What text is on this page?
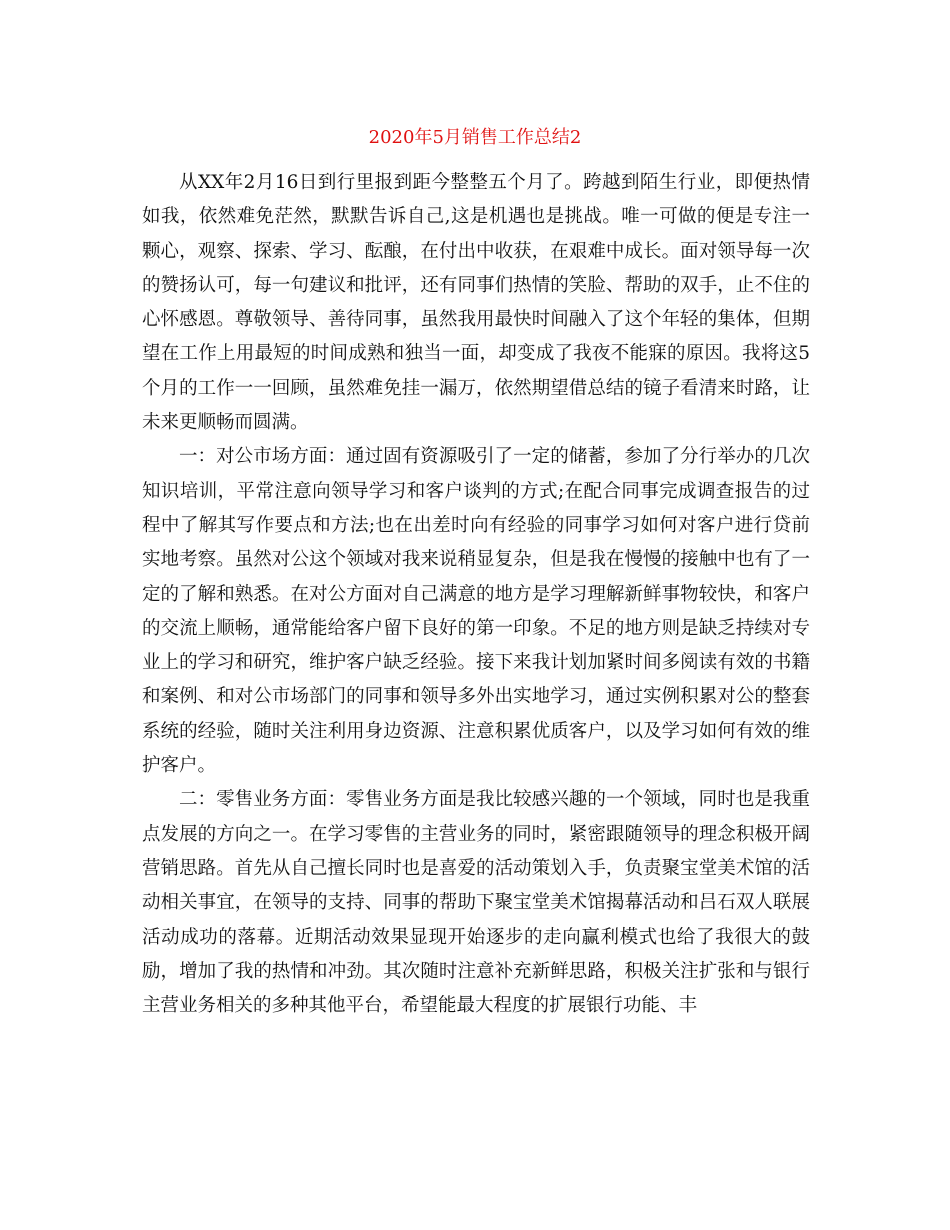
2020年5月销售工作总结2

从XX年2月16日到行里报到距今整整五个月了。跨越到陌生行业，即便热情如我，依然难免茫然，默默告诉自己,这是机遇也是挑战。唯一可做的便是专注一颗心，观察、探索、学习、酝酿，在付出中收获，在艰难中成长。面对领导每一次的赞扬认可，每一句建议和批评，还有同事们热情的笑脸、帮助的双手，止不住的心怀感恩。尊敬领导、善待同事，虽然我用最快时间融入了这个年轻的集体，但期望在工作上用最短的时间成熟和独当一面，却变成了我夜不能寐的原因。我将这5个月的工作一一回顾，虽然难免挂一漏万，依然期望借总结的镜子看清来时路，让未来更顺畅而圆满。

一：对公市场方面：通过固有资源吸引了一定的储蓄，参加了分行举办的几次知识培训，平常注意向领导学习和客户谈判的方式;在配合同事完成调查报告的过程中了解其写作要点和方法;也在出差时向有经验的同事学习如何对客户进行贷前实地考察。虽然对公这个领域对我来说稍显复杂，但是我在慢慢的接触中也有了一定的了解和熟悉。在对公方面对自己满意的地方是学习理解新鲜事物较快，和客户的交流上顺畅，通常能给客户留下良好的第一印象。不足的地方则是缺乏持续对专业上的学习和研究，维护客户缺乏经验。接下来我计划加紧时间多阅读有效的书籍和案例、和对公市场部门的同事和领导多外出实地学习，通过实例积累对公的整套系统的经验，随时关注利用身边资源、注意积累优质客户，以及学习如何有效的维护客户。

二：零售业务方面：零售业务方面是我比较感兴趣的一个领域，同时也是我重点发展的方向之一。在学习零售的主营业务的同时，紧密跟随领导的理念积极开阔营销思路。首先从自己擅长同时也是喜爱的活动策划入手，负责聚宝堂美术馆的活动相关事宜，在领导的支持、同事的帮助下聚宝堂美术馆揭幕活动和吕石双人联展活动成功的落幕。近期活动效果显现开始逐步的走向赢利模式也给了我很大的鼓励，增加了我的热情和冲劲。其次随时注意补充新鲜思路，积极关注扩张和与银行主营业务相关的多种其他平台，希望能最大程度的扩展银行功能、丰
